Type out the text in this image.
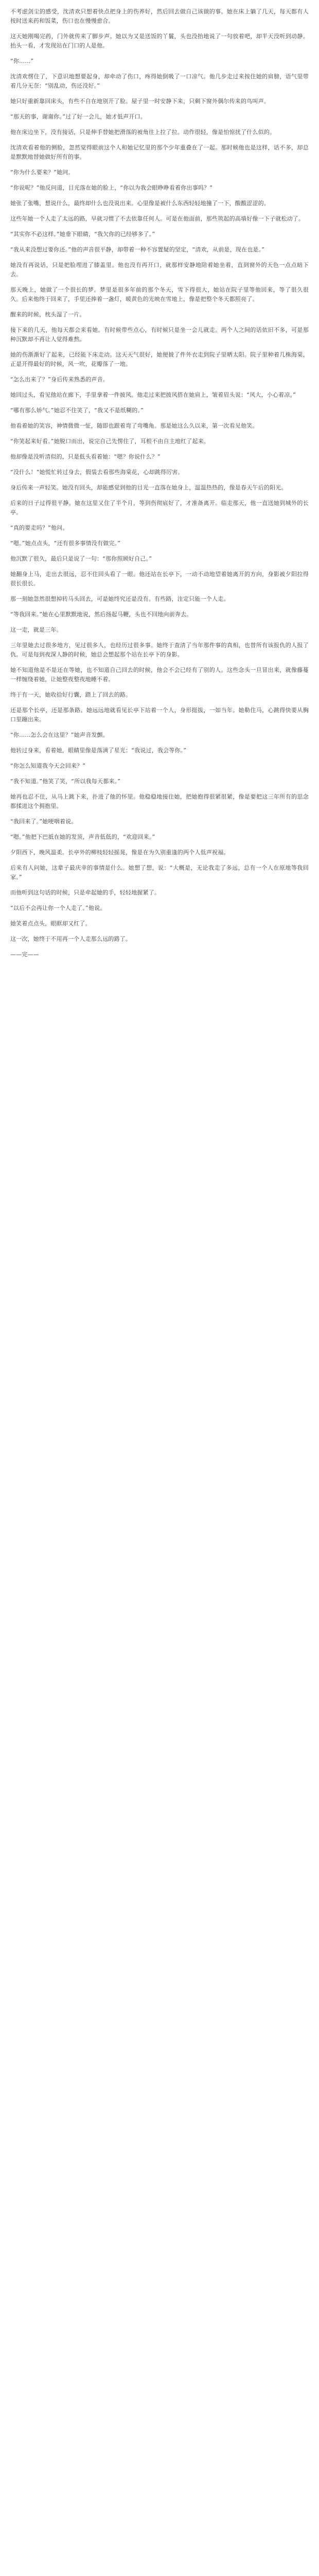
不考虑剑尘的感受，沈清欢只想着快点把身上的伤养好，然后回去做自己该做的事。她在床上躺了几天，每天都有人按时送来药和饭菜，伤口也在慢慢愈合。

这天她刚喝完药，门外就传来了脚步声。她以为又是送饭的丫鬟，头也没抬地说了一句放着吧，却半天没听到动静。抬头一看，才发现站在门口的人是他。

“你……”

沈清欢愣住了，下意识地想要起身，却牵动了伤口，疼得她倒吸了一口凉气。他几步走过来按住她的肩膀，语气里带着几分无奈：“别乱动，伤还没好。”

她只好重新靠回床头，有些不自在地别开了脸。屋子里一时安静下来，只剩下窗外偶尔传来的鸟叫声。

“那天的事，谢谢你。”过了好一会儿，她才低声开口。

他在床边坐下，没有接话，只是伸手替她把滑落的被角往上拉了拉。动作很轻，像是怕惊扰了什么似的。

沈清欢看着他的侧脸，忽然觉得眼前这个人和她记忆里的那个少年重叠在了一起。那时候他也是这样，话不多，却总是默默地替她做好所有的事。

“你为什么要来？”她问。

“你说呢？”他反问道，目光落在她的脸上，“你以为我会眼睁睁看着你出事吗？”

她张了张嘴，想说什么，最终却什么也没说出来。心里像是被什么东西轻轻地撞了一下，酸酸涩涩的。

这些年她一个人走了太远的路，早就习惯了不去依靠任何人。可是在他面前，那些筑起的高墙好像一下子就松动了。

“其实你不必这样。”她垂下眼睛，“我欠你的已经够多了。”

“我从来没想过要你还。”他的声音很平静，却带着一种不容置疑的坚定，“清欢，从前是，现在也是。”

她没有再说话，只是把脸埋进了膝盖里。他也没有再开口，就那样安静地陪着她坐着，直到窗外的天色一点点暗下去。

那天晚上，她做了一个很长的梦。梦里是很多年前的那个冬天，雪下得很大，她站在院子里等他回来，等了很久很久。后来他终于回来了，手里还捧着一盏灯，暖黄色的光映在雪地上，像是把整个冬天都照亮了。

醒来的时候，枕头湿了一片。

接下来的几天，他每天都会来看她。有时候带些点心，有时候只是坐一会儿就走。两个人之间的话依旧不多，可是那种沉默却不再让人觉得难熬。

她的伤渐渐好了起来，已经能下床走动。这天天气很好，她便披了件外衣走到院子里晒太阳。院子里种着几株海棠，正是开得最好的时候，风一吹，花瓣落了一地。

“怎么出来了？”身后传来熟悉的声音。

她回过头，看见他站在廊下，手里拿着一件披风。他走过来把披风搭在她肩上，皱着眉头说：“风大，小心着凉。”

“哪有那么娇气。”她忍不住笑了，“我又不是纸糊的。”

他看着她的笑容，神情微微一怔，随即也跟着弯了弯嘴角。那是她这么久以来，第一次看见他笑。

“你笑起来好看。”她脱口而出，说完自己先愣住了，耳根不由自主地红了起来。

他却像是没听清似的，只是低头看着她：“嗯？你说什么？”

“没什么！”她慌忙转过身去，假装去看那些海棠花，心却跳得厉害。

身后传来一声轻笑。她没有回头，却能感觉到他的目光一直落在她身上，温温热热的，像是春天午后的阳光。

后来的日子过得很平静。她在这里又住了半个月，等到伤彻底好了，才准备离开。临走那天，他一直送她到城外的长亭。

“真的要走吗？”他问。

“嗯。”她点点头，“还有很多事情没有做完。”

他沉默了很久，最后只是说了一句：“那你照顾好自己。”

她翻身上马，走出去很远，忍不住回头看了一眼。他还站在长亭下，一动不动地望着她离开的方向，身影被夕阳拉得很长很长。

那一刻她忽然很想掉转马头回去，可是她终究还是没有。有些路，注定只能一个人走。

“等我回来。”她在心里默默地说，然后扬起马鞭，头也不回地向前奔去。

这一走，就是三年。

三年里她去过很多地方，见过很多人，也经历过很多事。她终于查清了当年那件事的真相，也替所有该报仇的人报了仇。可是每到夜深人静的时候，她总会想起那个站在长亭下的身影。

她不知道他是不是还在等她，也不知道自己回去的时候，他会不会已经有了别的人。这些念头一旦冒出来，就像藤蔓一样缠绕着她，让她整夜整夜地睡不着。

终于有一天，她收拾好行囊，踏上了回去的路。

还是那个长亭，还是那条路。她远远地就看见长亭下站着一个人，身形挺拔，一如当年。她勒住马，心跳得快要从胸口里蹦出来。

“你……怎么会在这里？”她声音发颤。

他转过身来，看着她，眼睛里像是落满了星光：“我说过，我会等你。”

“你怎么知道我今天会回来？”

“我不知道。”他笑了笑，“所以我每天都来。”

她再也忍不住，从马上跳下来，扑进了他的怀里。他稳稳地接住她，把她抱得很紧很紧，像是要把这三年所有的思念都揉进这个拥抱里。

“我回来了。”她哽咽着说。

“嗯。”他把下巴抵在她的发顶，声音低低的，“欢迎回来。”

夕阳西下，晚风温柔。长亭外的柳枝轻轻摇晃，像是在为久别重逢的两个人低声祝福。

后来有人问她，这辈子最庆幸的事情是什么。她想了想，说：“大概是，无论我走了多远，总有一个人在原地等我回家。”

而他听到这句话的时候，只是牵起她的手，轻轻地握紧了。

“以后不会再让你一个人走了。”他说。

她笑着点点头，眼眶却又红了。

这一次，她终于不用再一个人走那么远的路了。

——完——
